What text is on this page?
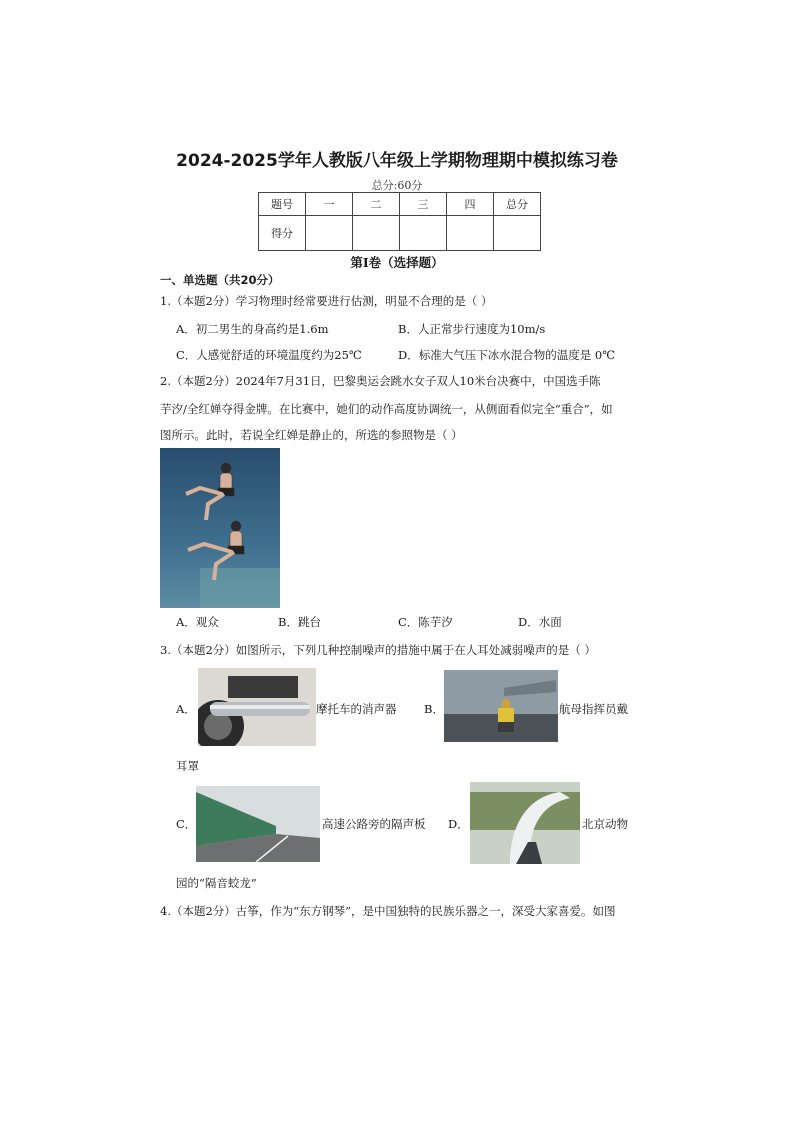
2024-2025学年人教版八年级上学期物理期中模拟练习卷
总分:60分
题号	一	二	三	四	总分
得分					
第Ⅰ卷（选择题）
一、单选题（共20分）
1.（本题2分）学习物理时经常要进行估测，明显不合理的是（ ）
A．初二男生的身高约是1.6m	B．人正常步行速度为10m/s
C．人感觉舒适的环境温度约为25℃	D．标准大气压下冰水混合物的温度是 0℃
2.（本题2分）2024年7月31日，巴黎奥运会跳水女子双人10米台决赛中，中国选手陈
芋汐/全红婵夺得金牌。在比赛中，她们的动作高度协调统一，从侧面看似完全“重合”，如
图所示。此时，若说全红婵是静止的，所选的参照物是（ ）
A．观众	B．跳台	C．陈芋汐	D．水面
3.（本题2分）如图所示，下列几种控制噪声的措施中属于在人耳处减弱噪声的是（ ）
A．	摩托车的消声器 B．	航母指挥员戴
耳罩
C．	高速公路旁的隔声板 D．	北京动物
园的“隔音蛟龙”
4.（本题2分）古筝，作为“东方钢琴”，是中国独特的民族乐器之一，深受大家喜爱。如图
